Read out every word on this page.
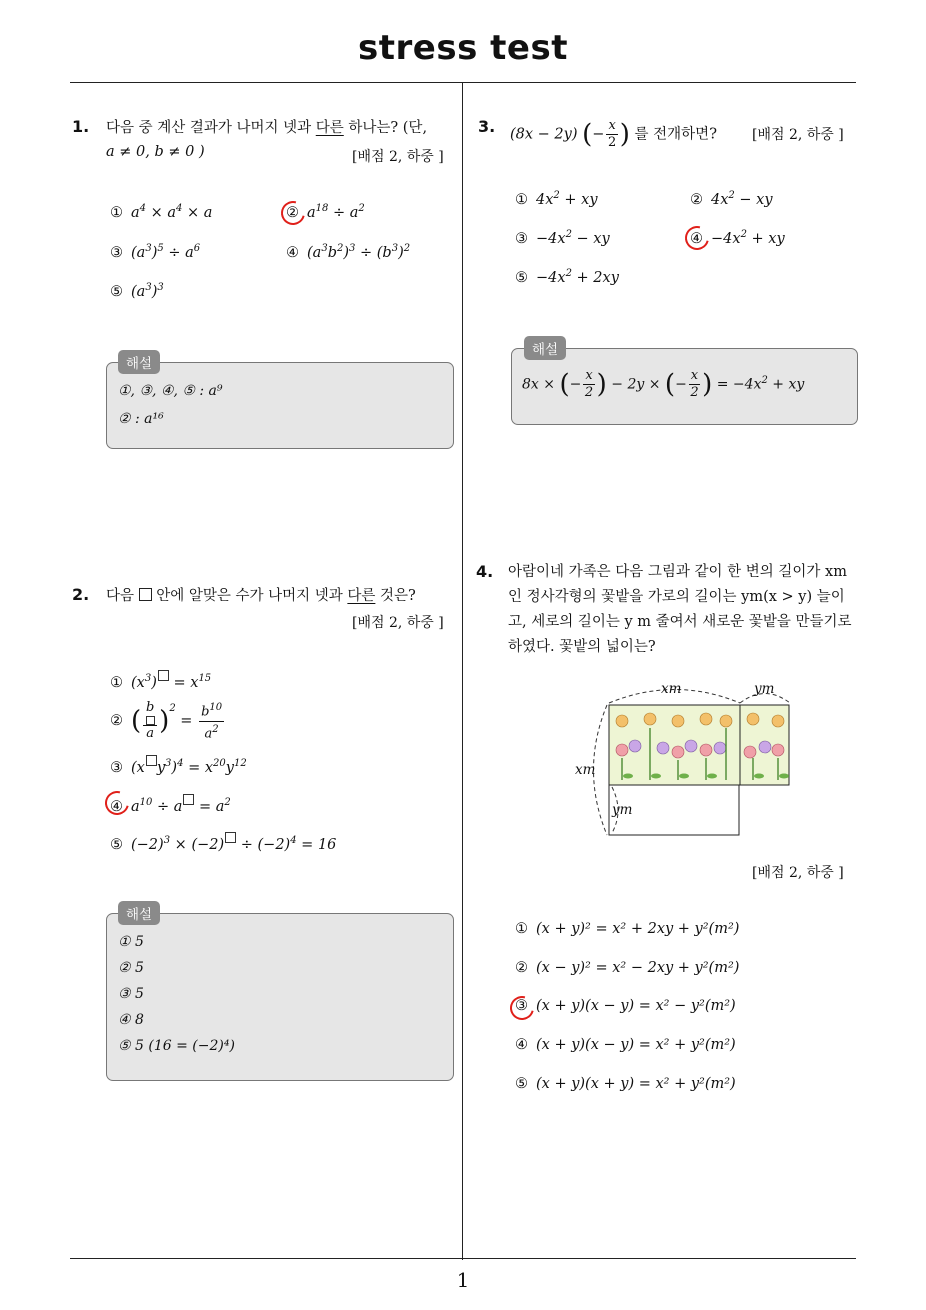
stress test
1
1. 다음 중 계산 결과가 나머지 넷과 다른 하나는? (단,
a ≠ 0, b ≠ 0 )	[배점 2, 하중 ]
① $a^4 \times a^4 \times a$	② $a^{18} \div a^2$
③ $(a^3)^5 \div a^6$	④ $(a^3b^2)^3 \div (b^3)^2$
⑤ $(a^3)^3$
해설
①, ③, ④, ⑤ : a⁹
② : a¹⁶
2. 다음  안에 알맞은 수가 나머지 넷과 다른 것은?
[배점 2, 하중 ]
① $(x^3) = x^{15}$
② ( $\frac{b}{a} )^2 = \frac{b^{10}}{a^2}$
③ (x $y^3)^4 = x^{20}y^{12}$
④ $a^{10} \div a = a^2$
⑤ $(-2)^3 \times (-2) \div (-2)^4 = 16$
해설
① 5
② 5
③ 5
④ 8
⑤ 5 (16 = (−2)⁴)
3. (8x − 2y) (− $\frac{x}{2}$ ) 를 전개하면?	[배점 2, 하중 ]
① $4x^2$ + xy	② $4x^2$ − xy
③ $-4x^2$ − xy	④ $-4x^2$ + xy
⑤ $-4x^2 + 2xy$
해설
8x × (− $\frac{x}{2}$ ) − 2y × (− $\frac{x}{2}$ ) = $-4x^2$ + xy
4. 아람이네 가족은 다음 그림과 같이 한 변의 길이가 xm
인 정사각형의 꽃밭을 가로의 길이는 ym(x > y) 늘이
고, 세로의 길이는 y m 줄여서 새로운 꽃밭을 만들기로
하였다. 꽃밭의 넓이는?
xm	ym
xm
ym
[배점 2, 하중 ]
① (x + y)² = x² + 2xy + y²(m²)
② (x − y)² = x² − 2xy + y²(m²)
③ (x + y)(x − y) = x² − y²(m²)
④ (x + y)(x − y) = x² + y²(m²)
⑤ (x + y)(x + y) = x² + y²(m²)
